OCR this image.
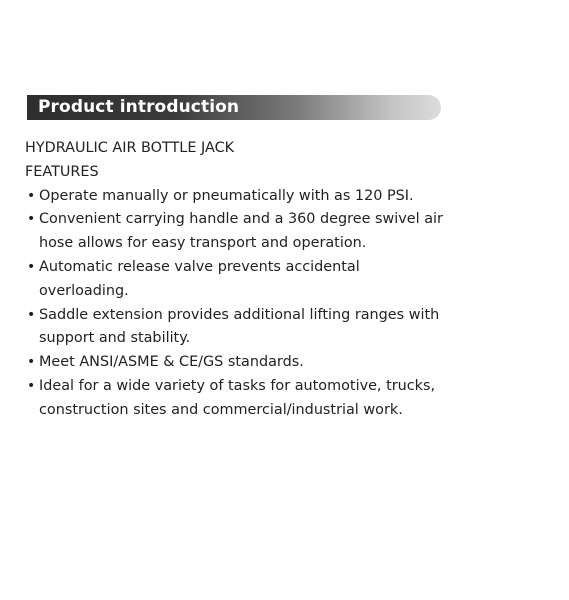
Product introduction
HYDRAULIC AIR BOTTLE JACK
FEATURES
• Operate manually or pneumatically with as 120 PSI.
• Convenient carrying handle and a 360 degree swivel air hose allows for easy transport and operation.
• Automatic release valve prevents accidental overloading.
• Saddle extension provides additional lifting ranges with support and stability.
• Meet ANSI/ASME & CE/GS standards.
• Ideal for a wide variety of tasks for automotive, trucks, construction sites and commercial/industrial work.
